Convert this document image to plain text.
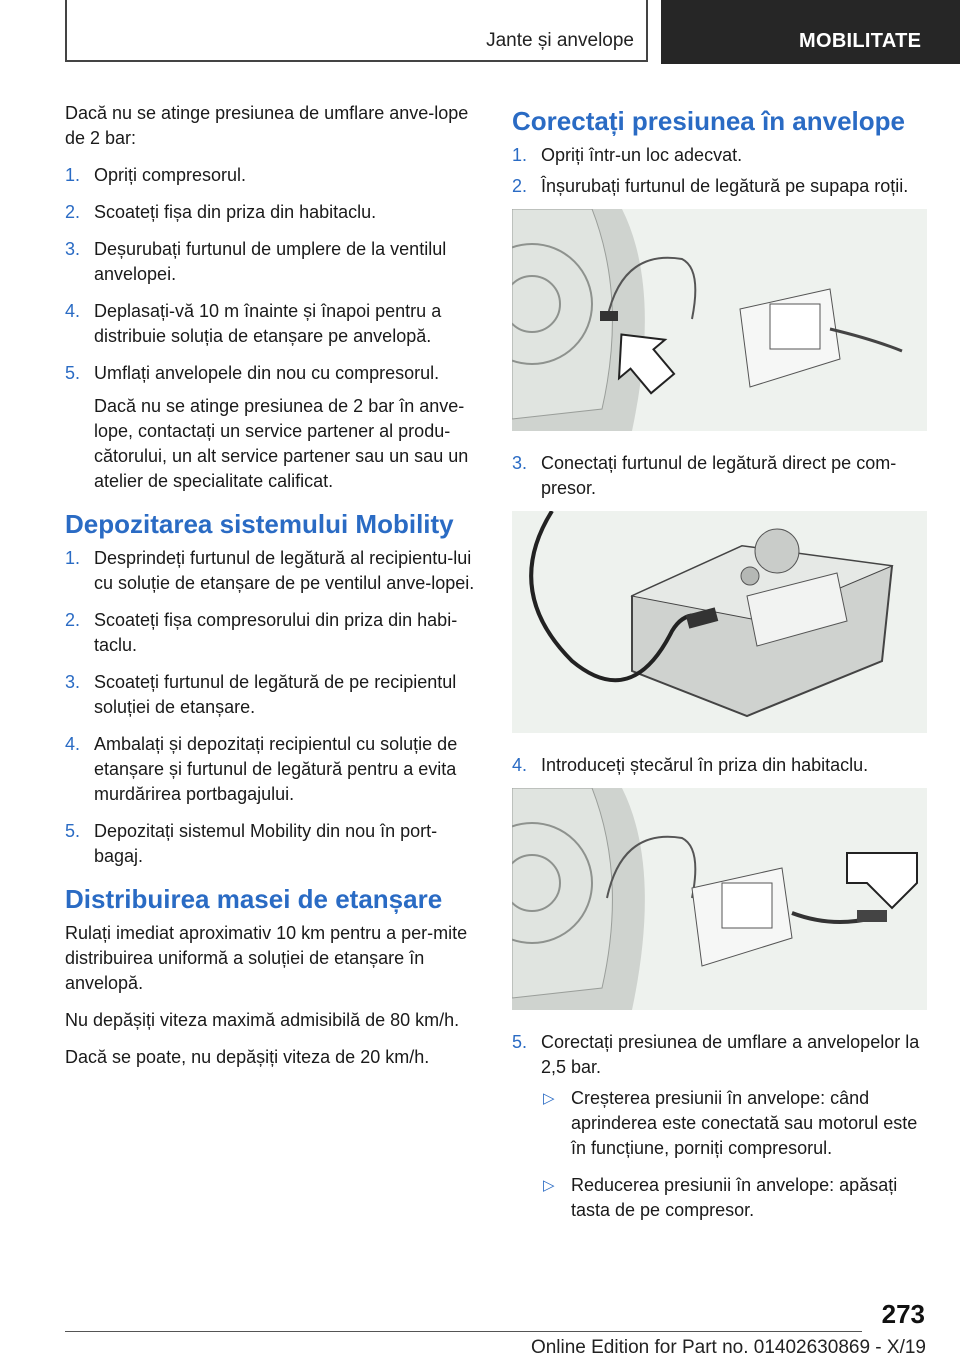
Jante și anvelope	MOBILITATE

Dacă nu se atinge presiunea de umflare anve-lope de 2 bar:

1. Opriți compresorul.
2. Scoateți fișa din priza din habitaclu.
3. Deșurubați furtunul de umplere de la ventilul anvelopei.
4. Deplasați-vă 10 m înainte și înapoi pentru a distribuie soluția de etanșare pe anvelopă.
5. Umflați anvelopele din nou cu compresorul.
Dacă nu se atinge presiunea de 2 bar în anve-lope, contactați un service partener al produ-cătorului, un alt service partener sau un sau un atelier de specialitate calificat.
Depozitarea sistemului Mobility
1. Desprindeți furtunul de legătură al recipientu-lui cu soluție de etanșare de pe ventilul anve-lopei.
2. Scoateți fișa compresorului din priza din habi-taclu.
3. Scoateți furtunul de legătură de pe recipientul soluției de etanșare.
4. Ambalați și depozitați recipientul cu soluție de etanșare și furtunul de legătură pentru a evita murdărirea portbagajului.
5. Depozitați sistemul Mobility din nou în port-bagaj.
Distribuirea masei de etanșare

Rulați imediat aproximativ 10 km pentru a per-mite distribuirea uniformă a soluției de etanșare în anvelopă.

Nu depășiți viteza maximă admisibilă de 80 km/h.

Dacă se poate, nu depășiți viteza de 20 km/h.

Corectați presiunea în anvelope
1. Opriți într-un loc adecvat.
2. Înșurubați furtunul de legătură pe supapa roții.
3. Conectați furtunul de legătură direct pe com-presor.
4. Introduceți ștecărul în priza din habitaclu.
5. Corectați presiunea de umflare a anvelopelor la 2,5 bar.
▷ Creșterea presiunii în anvelope: când aprinderea este conectată sau motorul este în funcțiune, porniți compresorul.
▷ Reducerea presiunii în anvelope: apăsați tasta de pe compresor.
273
Online Edition for Part no. 01402630869 - X/19
